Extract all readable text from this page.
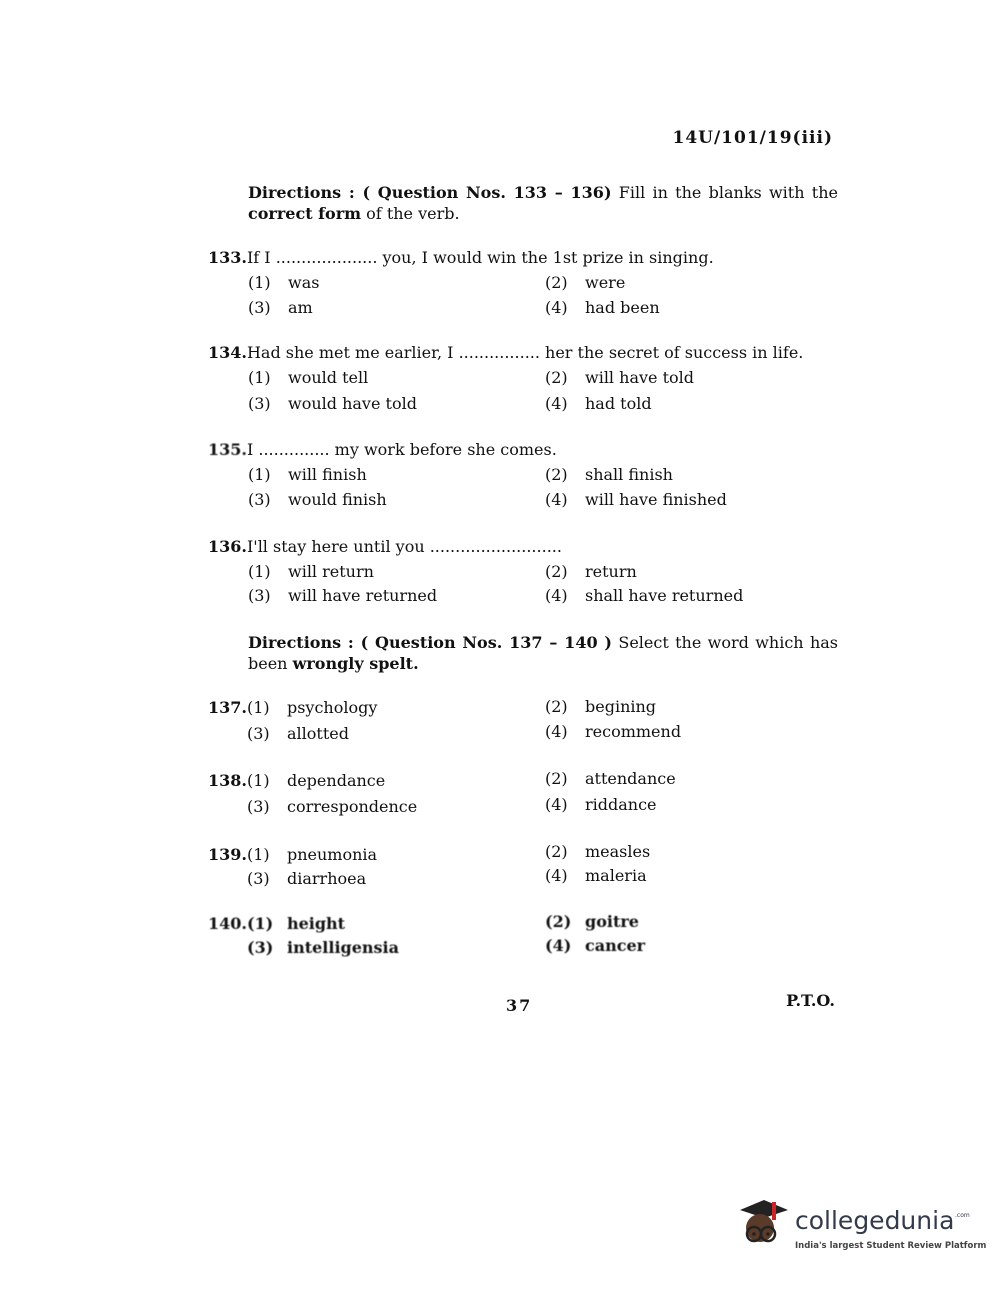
14U/101/19(iii)
Directions : ( Question Nos. 133 – 136) Fill in the blanks with the correct form of the verb.
133.If I .................... you, I would win the 1st prize in singing.
(1) was	(2) were
(3) am	(4) had been
134.Had she met me earlier, I ................ her the secret of success in life.
(1) would tell	(2) will have told
(3) would have told	(4) had told
135.I .............. my work before she comes.
(1) will finish	(2) shall finish
(3) would finish	(4) will have finished
136.I'll stay here until you ..........................
(1) will return	(2) return
(3) will have returned	(4) shall have returned
Directions : ( Question Nos. 137 – 140 ) Select the word which has been wrongly spelt.
137.(1) psychology	(2) begining
(3) allotted	(4) recommend
138.(1) dependance	(2) attendance
(3) correspondence	(4) riddance
139.(1) pneumonia	(2) measles
(3) diarrhoea	(4) maleria
140.(1) height	(2) goitre
(3) intelligensia	(4) cancer
37	P.T.O.
collegedunia .com
India's largest Student Review Platform
